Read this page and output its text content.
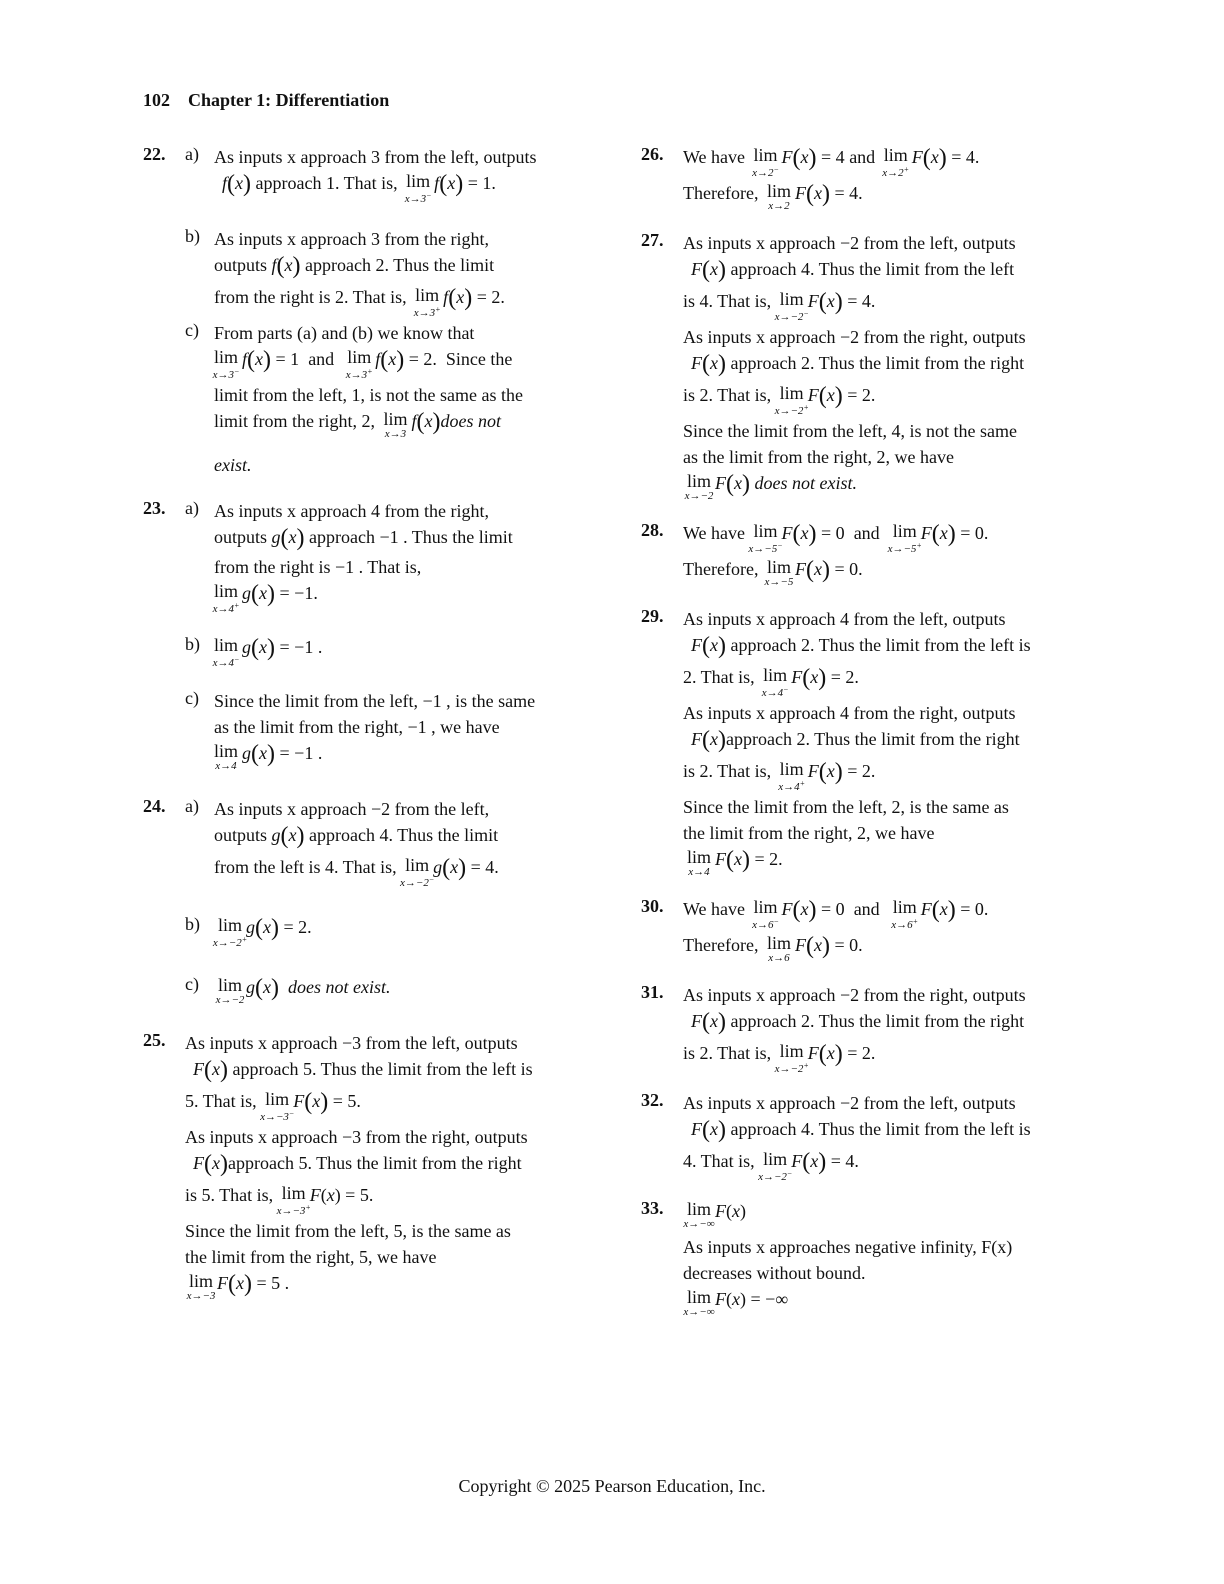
102 Chapter 1: Differentiation
22. a) As inputs x approach 3 from the left, outputs
f(x) approach 1. That is, lim
x→3−
f(x) = 1.
b) As inputs x approach 3 from the right,
outputs f(x) approach 2. Thus the limit
from the right is 2. That is, lim
x→3+
f(x) = 2.
c) From parts (a) and (b) we know that
lim
x→3−
f(x) = 1  and lim
x→3+
f(x) = 2.  Since the
limit from the left, 1, is not the same as the
limit from the right, 2, lim
x→3
f(x)does not
exist.
23. a) As inputs x approach 4 from the right,
outputs g(x) approach −1 . Thus the limit
from the right is −1 . That is,
lim
x→4+
g(x) = −1.
b) lim
x→4−
g(x) = −1 .
c) Since the limit from the left, −1 , is the same
as the limit from the right, −1 , we have
lim
x→4
g(x) = −1 .
24. a) As inputs x approach −2 from the left,
outputs g(x) approach 4. Thus the limit
from the left is 4. That is, lim
x→−2−
g(x) = 4.
b) lim
x→−2+
g(x) = 2.
c) lim
x→−2
g(x) does not exist.
25. As inputs x approach −3 from the left, outputs
F(x) approach 5. Thus the limit from the left is
5. That is, lim
x→−3−
F(x) = 5.
As inputs x approach −3 from the right, outputs
F(x)approach 5. Thus the limit from the right
is 5. That is, lim
x→−3+
F(x) = 5.
Since the limit from the left, 5, is the same as
the limit from the right, 5, we have
lim
x→−3
F(x) = 5 .
26. We have lim
x→2−
F(x) = 4 and lim
x→2+
F(x) = 4.
Therefore, lim
x→2
F(x) = 4.
27. As inputs x approach −2 from the left, outputs
F(x) approach 4. Thus the limit from the left
is 4. That is, lim
x→−2−
F(x) = 4.
As inputs x approach −2 from the right, outputs
F(x) approach 2. Thus the limit from the right
is 2. That is, lim
x→−2+
F(x) = 2.
Since the limit from the left, 4, is not the same
as the limit from the right, 2, we have
lim
x→−2
F(x) does not exist.
28. We have lim
x→−5−
F(x) = 0  and lim
x→−5+
F(x) = 0.
Therefore, lim
x→−5
F(x) = 0.
29. As inputs x approach 4 from the left, outputs
F(x) approach 2. Thus the limit from the left is
2. That is, lim
x→4−
F(x) = 2.
As inputs x approach 4 from the right, outputs
F(x)approach 2. Thus the limit from the right
is 2. That is, lim
x→4+
F(x) = 2.
Since the limit from the left, 2, is the same as
the limit from the right, 2, we have
lim
x→4
F(x) = 2.
30. We have lim
x→6−
F(x) = 0  and lim
x→6+
F(x) = 0.
Therefore, lim
x→6
F(x) = 0.
31. As inputs x approach −2 from the right, outputs
F(x) approach 2. Thus the limit from the right
is 2. That is, lim
x→−2+
F(x) = 2.
32. As inputs x approach −2 from the left, outputs
F(x) approach 4. Thus the limit from the left is
4. That is, lim
x→−2−
F(x) = 4.
33. lim
x→−∞
F(x)
As inputs x approaches negative infinity, F(x)
decreases without bound.
lim
x→−∞
F(x) = −∞
Copyright © 2025 Pearson Education, Inc.
